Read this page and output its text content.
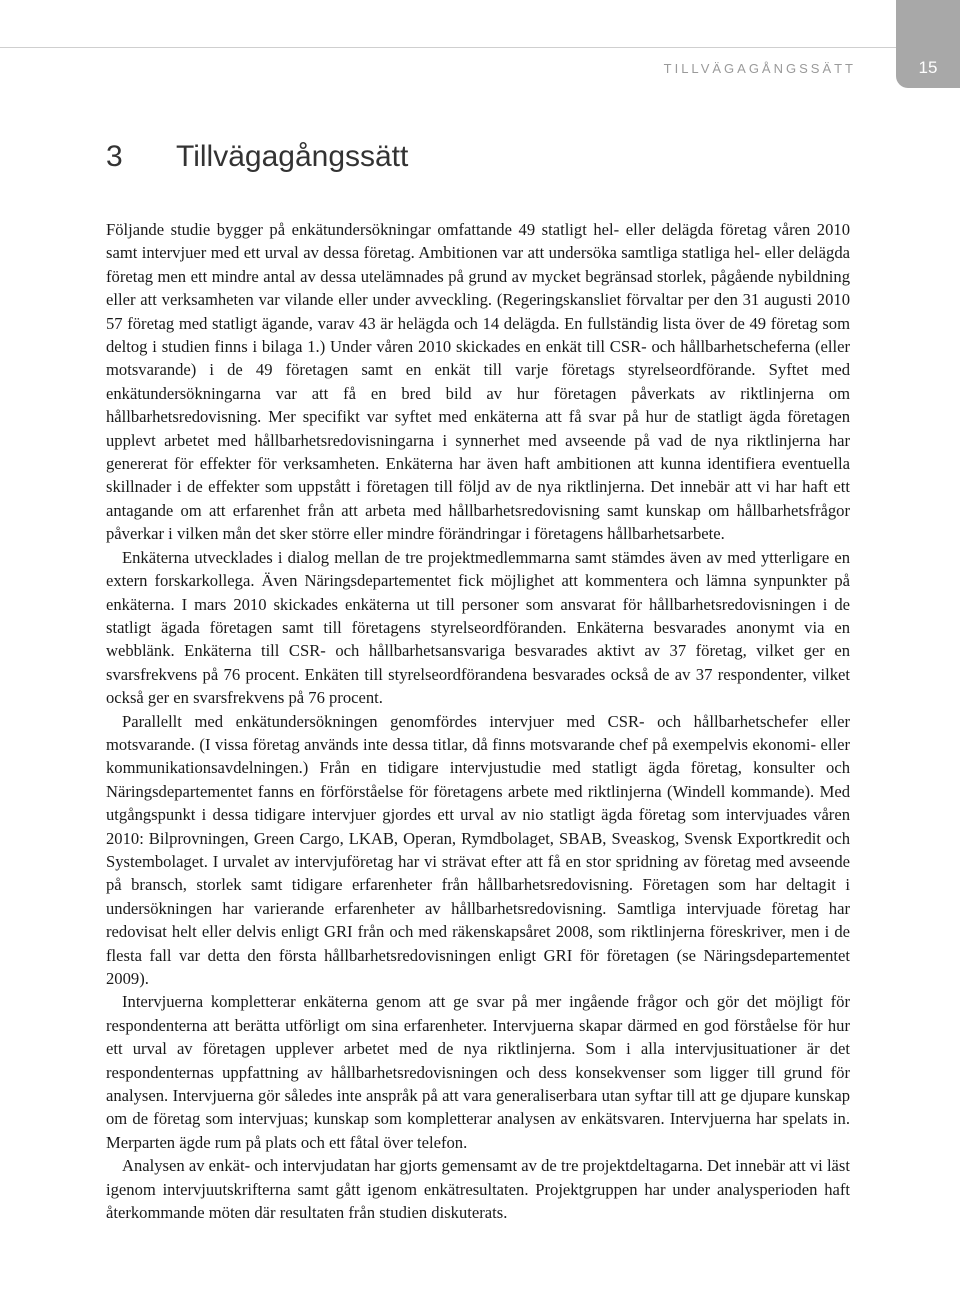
TILLVÄGAGÅNGSSÄTT	15
3	Tillvägagångssätt

Följande studie bygger på enkätundersökningar omfattande 49 statligt hel- eller delägda företag våren 2010 samt intervjuer med ett urval av dessa företag. Ambitionen var att undersöka samtliga statliga hel- eller delägda företag men ett mindre antal av dessa utelämnades på grund av mycket begränsad storlek, pågående nybildning eller att verksamheten var vilande eller under avveckling. (Regeringskansliet förvaltar per den 31 augusti 2010 57 företag med statligt ägande, varav 43 är helägda och 14 delägda. En fullständig lista över de 49 företag som deltog i studien finns i bilaga 1.) Under våren 2010 skickades en enkät till CSR- och hållbarhetscheferna (eller motsvarande) i de 49 företagen samt en enkät till varje företags styrelseordförande. Syftet med enkätundersökningarna var att få en bred bild av hur företagen påverkats av riktlinjerna om hållbarhetsredovisning. Mer specifikt var syftet med enkäterna att få svar på hur de statligt ägda företagen upplevt arbetet med hållbarhetsredovisningarna i synnerhet med avseende på vad de nya riktlinjerna har genererat för effekter för verksamheten. Enkäterna har även haft ambitionen att kunna identifiera eventuella skillnader i de effekter som uppstått i företagen till följd av de nya riktlinjerna. Det innebär att vi har haft ett antagande om att erfarenhet från att arbeta med hållbarhetsredovisning samt kunskap om hållbarhetsfrågor påverkar i vilken mån det sker större eller mindre förändringar i företagens hållbarhetsarbete.

Enkäterna utvecklades i dialog mellan de tre projektmedlemmarna samt stämdes även av med ytterligare en extern forskarkollega. Även Näringsdepartementet fick möjlighet att kommentera och lämna synpunkter på enkäterna. I mars 2010 skickades enkäterna ut till personer som ansvarat för hållbarhetsredovisningen i de statligt ägada företagen samt till företagens styrelseordföranden. Enkäterna besvarades anonymt via en webblänk. Enkäterna till CSR- och hållbarhetsansvariga besvarades aktivt av 37 företag, vilket ger en svarsfrekvens på 76 procent. Enkäten till styrelseordförandena besvarades också de av 37 respondenter, vilket också ger en svarsfrekvens på 76 procent.

Parallellt med enkätundersökningen genomfördes intervjuer med CSR- och hållbarhetschefer eller motsvarande. (I vissa företag används inte dessa titlar, då finns motsvarande chef på exempelvis ekonomi- eller kommunikationsavdelningen.) Från en tidigare intervjustudie med statligt ägda företag, konsulter och Näringsdepartementet fanns en förförståelse för företagens arbete med riktlinjerna (Windell kommande). Med utgångspunkt i dessa tidigare intervjuer gjordes ett urval av nio statligt ägda företag som intervjuades våren 2010: Bilprovningen, Green Cargo, LKAB, Operan, Rymdbolaget, SBAB, Sveaskog, Svensk Exportkredit och Systembolaget. I urvalet av intervjuföretag har vi strävat efter att få en stor spridning av företag med avseende på bransch, storlek samt tidigare erfarenheter från hållbarhetsredovisning. Företagen som har deltagit i undersökningen har varierande erfarenheter av hållbarhetsredovisning. Samtliga intervjuade företag har redovisat helt eller delvis enligt GRI från och med räkenskapsåret 2008, som riktlinjerna föreskriver, men i de flesta fall var detta den första hållbarhetsredovisningen enligt GRI för företagen (se Näringsdepartementet 2009).

Intervjuerna kompletterar enkäterna genom att ge svar på mer ingående frågor och gör det möjligt för respondenterna att berätta utförligt om sina erfarenheter. Intervjuerna skapar därmed en god förståelse för hur ett urval av företagen upplever arbetet med de nya riktlinjerna. Som i alla intervjusituationer är det respondenternas uppfattning av hållbarhetsredovisningen och dess konsekvenser som ligger till grund för analysen. Intervjuerna gör således inte anspråk på att vara generaliserbara utan syftar till att ge djupare kunskap om de företag som intervjuas; kunskap som kompletterar analysen av enkätsvaren. Intervjuerna har spelats in. Merparten ägde rum på plats och ett fåtal över telefon.

Analysen av enkät- och intervjudatan har gjorts gemensamt av de tre projektdeltagarna. Det innebär att vi läst igenom intervjuutskrifterna samt gått igenom enkätresultaten. Projektgruppen har under analysperioden haft återkommande möten där resultaten från studien diskuterats.
